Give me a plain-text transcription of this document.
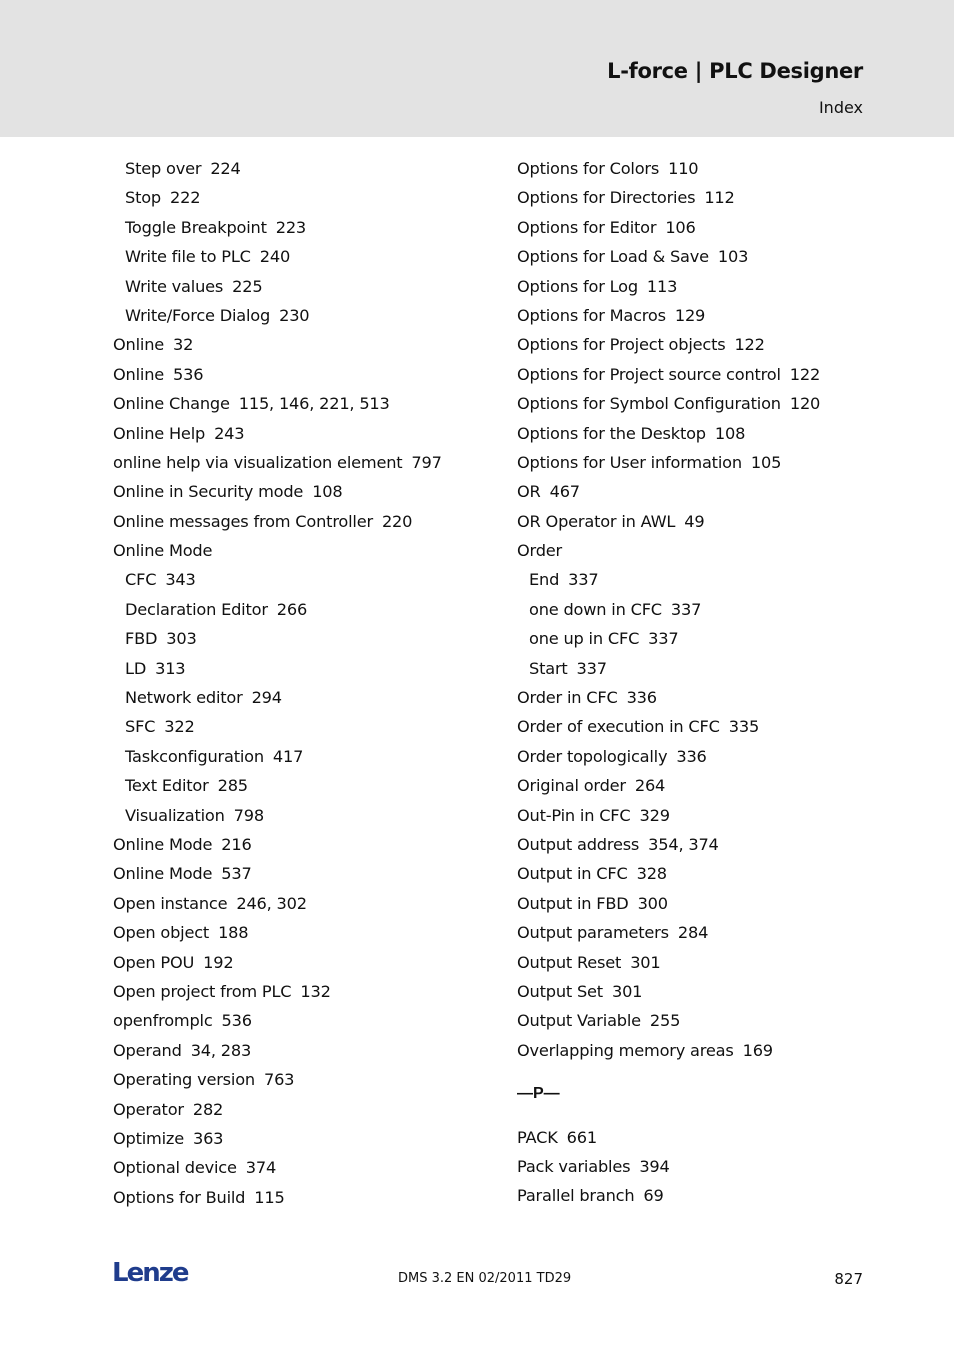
L-force | PLC Designer
Index
Step over 224
Stop 222
Toggle Breakpoint 223
Write file to PLC 240
Write values 225
Write/Force Dialog 230
Online 32
Online 536
Online Change 115, 146, 221, 513
Online Help 243
online help via visualization element 797
Online in Security mode 108
Online messages from Controller 220
Online Mode
CFC 343
Declaration Editor 266
FBD 303
LD 313
Network editor 294
SFC 322
Taskconfiguration 417
Text Editor 285
Visualization 798
Online Mode 216
Online Mode 537
Open instance 246, 302
Open object 188
Open POU 192
Open project from PLC 132
openfromplc 536
Operand 34, 283
Operating version 763
Operator 282
Optimize 363
Optional device 374
Options for Build 115
Options for Colors 110
Options for Directories 112
Options for Editor 106
Options for Load & Save 103
Options for Log 113
Options for Macros 129
Options for Project objects 122
Options for Project source control 122
Options for Symbol Configuration 120
Options for the Desktop 108
Options for User information 105
OR 467
OR Operator in AWL 49
Order
End 337
one down in CFC 337
one up in CFC 337
Start 337
Order in CFC 336
Order of execution in CFC 335
Order topologically 336
Original order 264
Out-Pin in CFC 329
Output address 354, 374
Output in CFC 328
Output in FBD 300
Output parameters 284
Output Reset 301
Output Set 301
Output Variable 255
Overlapping memory areas 169
—P—
PACK 661
Pack variables 394
Parallel branch 69
Lenze	DMS 3.2 EN 02/2011 TD29	827
